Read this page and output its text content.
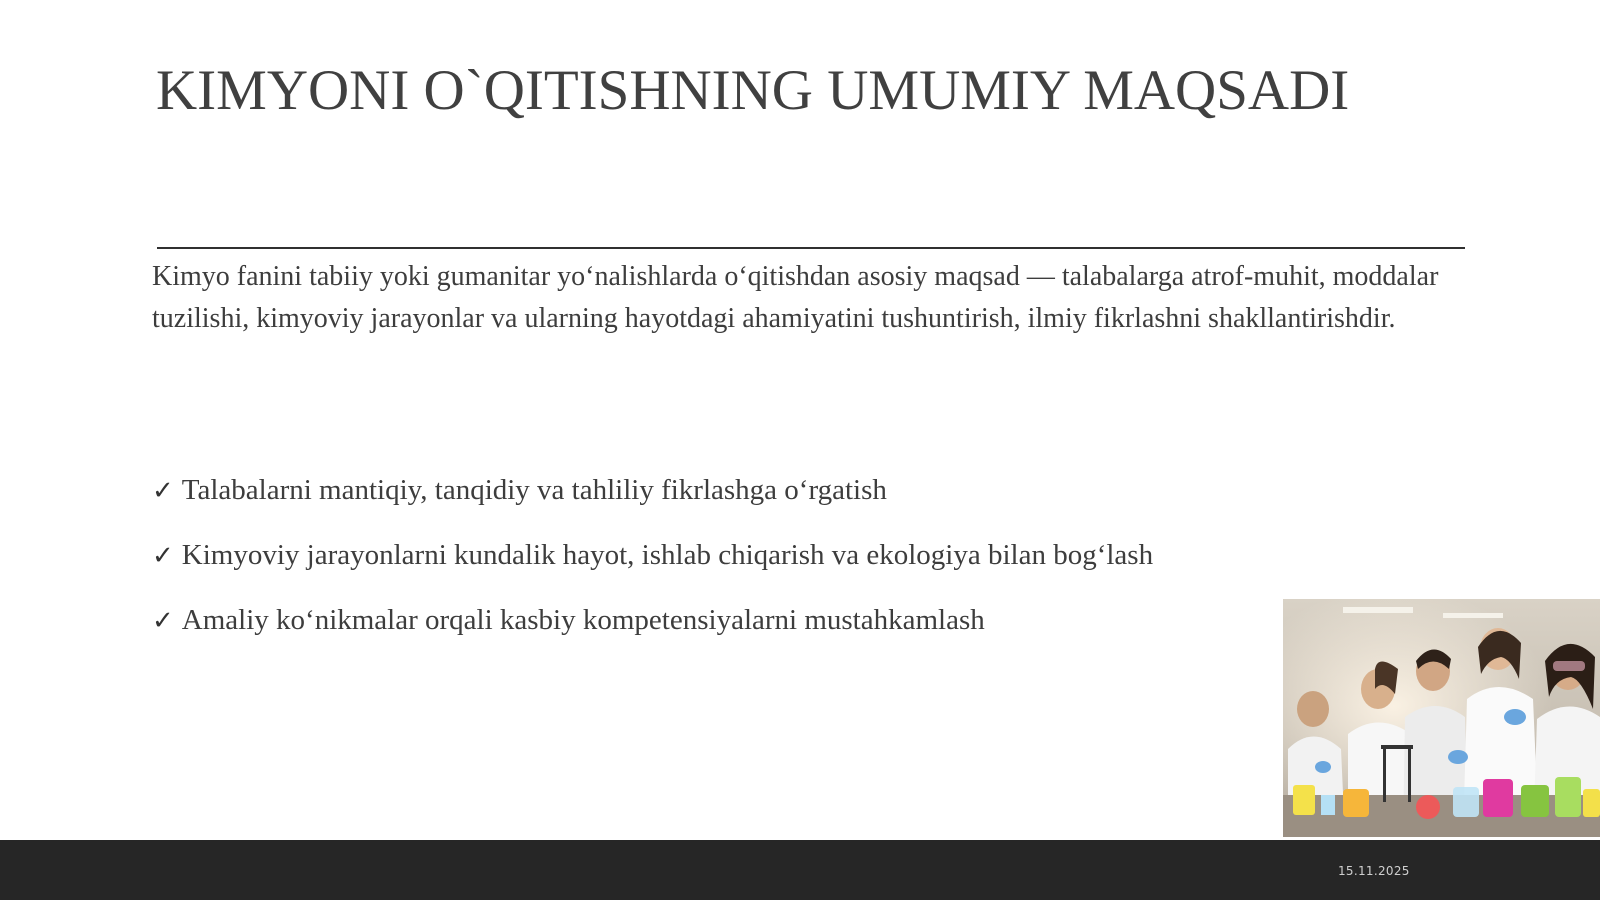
KIMYONI O`QITISHNING UMUMIY MAQSADI
Kimyo fanini tabiiy yoki gumanitar yo‘nalishlarda o‘qitishdan asosiy maqsad — talabalarga atrof-muhit, moddalar tuzilishi, kimyoviy jarayonlar va ularning hayotdagi ahamiyatini tushuntirish, ilmiy fikrlashni shakllantirishdir.
✓ Talabalarni mantiqiy, tanqidiy va tahliliy fikrlashga o‘rgatish
✓ Kimyoviy jarayonlarni kundalik hayot, ishlab chiqarish va ekologiya bilan bog‘lash
✓ Amaliy ko‘nikmalar orqali kasbiy kompetensiyalarni mustahkamlash
15.11.2025
